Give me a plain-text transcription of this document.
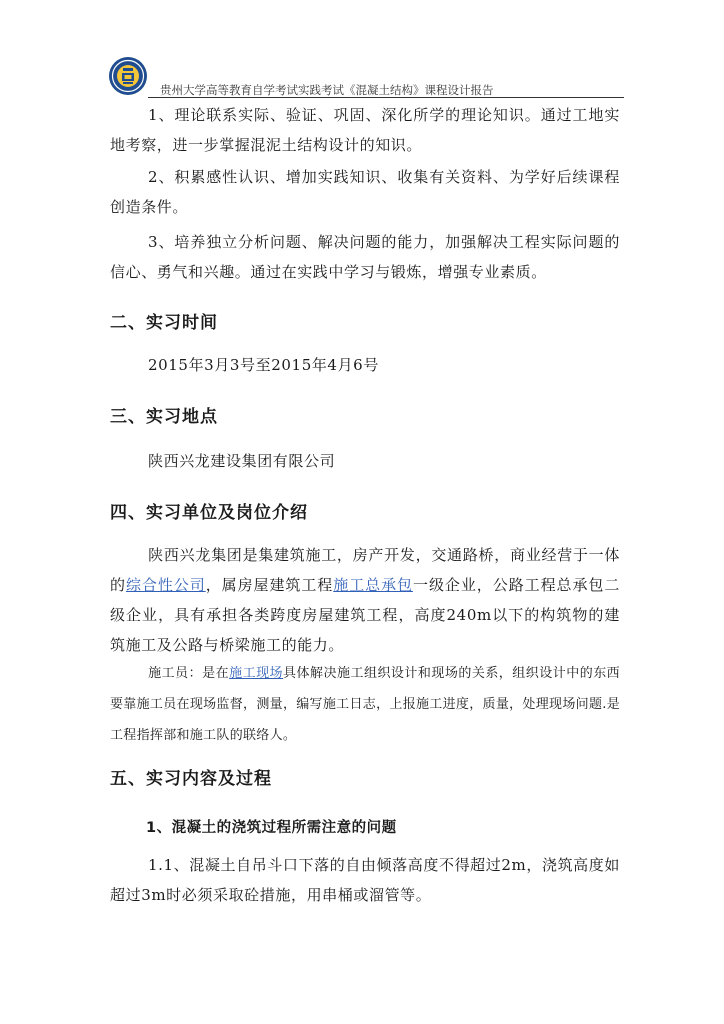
贵州大学高等教育自学考试实践考试《混凝土结构》课程设计报告

1、理论联系实际、验证、巩固、深化所学的理论知识。通过工地实地考察，进一步掌握混泥土结构设计的知识。

2、积累感性认识、增加实践知识、收集有关资料、为学好后续课程创造条件。

3、培养独立分析问题、解决问题的能力，加强解决工程实际问题的信心、勇气和兴趣。通过在实践中学习与锻炼，增强专业素质。

二、实习时间

2015年3月3号至2015年4月6号

三、实习地点

陕西兴龙建设集团有限公司

四、实习单位及岗位介绍

陕西兴龙集团是集建筑施工，房产开发，交通路桥，商业经营于一体的综合性公司，属房屋建筑工程施工总承包一级企业，公路工程总承包二级企业，具有承担各类跨度房屋建筑工程，高度240m以下的构筑物的建筑施工及公路与桥梁施工的能力。

施工员：是在施工现场具体解决施工组织设计和现场的关系，组织设计中的东西要靠施工员在现场监督，测量，编写施工日志，上报施工进度，质量，处理现场问题.是工程指挥部和施工队的联络人。

五、实习内容及过程
1、混凝土的浇筑过程所需注意的问题

1.1、混凝土自吊斗口下落的自由倾落高度不得超过2m，浇筑高度如超过3m时必须采取砼措施，用串桶或溜管等。
